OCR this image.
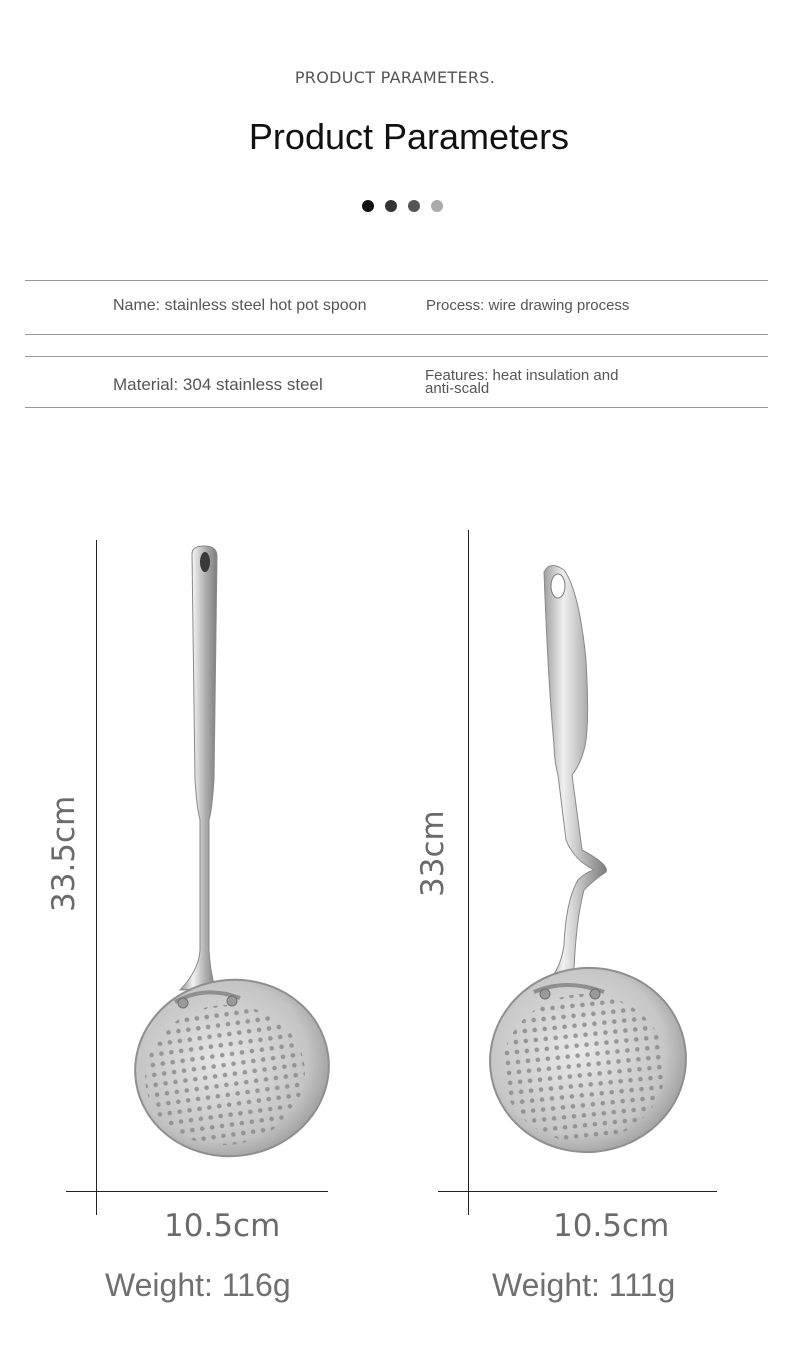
PRODUCT PARAMETERS.
Product Parameters
Name: stainless steel hot pot spoon	Process: wire drawing process
Material: 304 stainless steel	Features: heat insulation and
anti-scald
33.5cm
10.5cm
Weight: 116g
33cm
10.5cm
Weight: 111g
